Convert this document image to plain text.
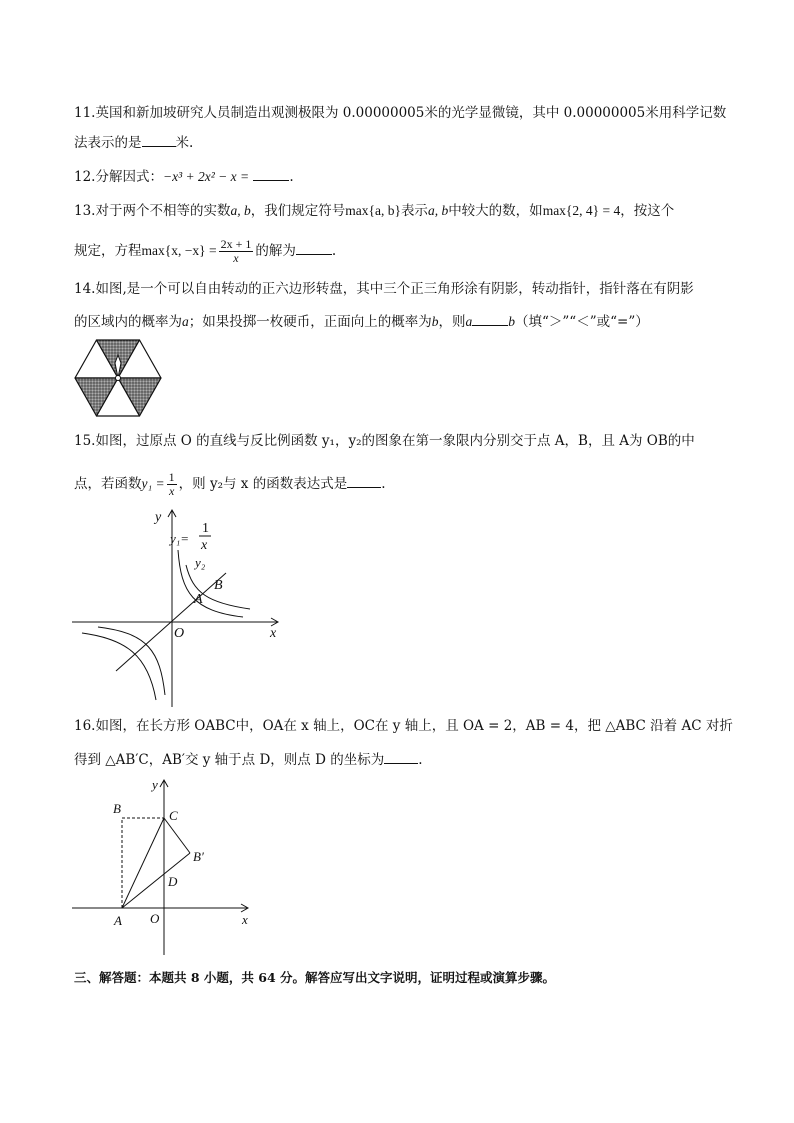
11.英国和新加坡研究人员制造出观测极限为 0.00000005米的光学显微镜，其中 0.00000005米用科学记数
法表示的是	米.
12.分解因式：−x³ + 2x² − x =	.
13.对于两个不相等的实数a, b，我们规定符号max{a, b}表示a, b中较大的数，如max{2, 4} = 4，按这个
规定，方程max{x, $-x\} = \frac{2x + 1}{x}$ 的解为	.
14.如图,是一个可以自由转动的正六边形转盘，其中三个正三角形涂有阴影，转动指针，指针落在有阴影
的区域内的概率为a；如果投掷一枚硬币，正面向上的概率为b，则a	b（填“＞”“＜”或“=”）
15.如图，过原点 O 的直线与反比例函数 y₁，y₂的图象在第一象限内分别交于点 A，B，且 A为 OB的中
点，若函数$y_1 = \frac{1}{x}$ ，则 y₂与 x 的函数表达式是	.
y
x
O
A
B
y₁=
1
x
y₂
16.如图，在长方形 OABC中，OA在 x 轴上，OC在 y 轴上，且 OA = 2，AB = 4，把 △ABC 沿着 AC 对折
得到 △AB′C，AB′交 y 轴于点 D，则点 D 的坐标为	.
y
x
O
A
B	C
D
B′
三、解答题：本题共 8 小题，共 64 分。解答应写出文字说明，证明过程或演算步骤。
